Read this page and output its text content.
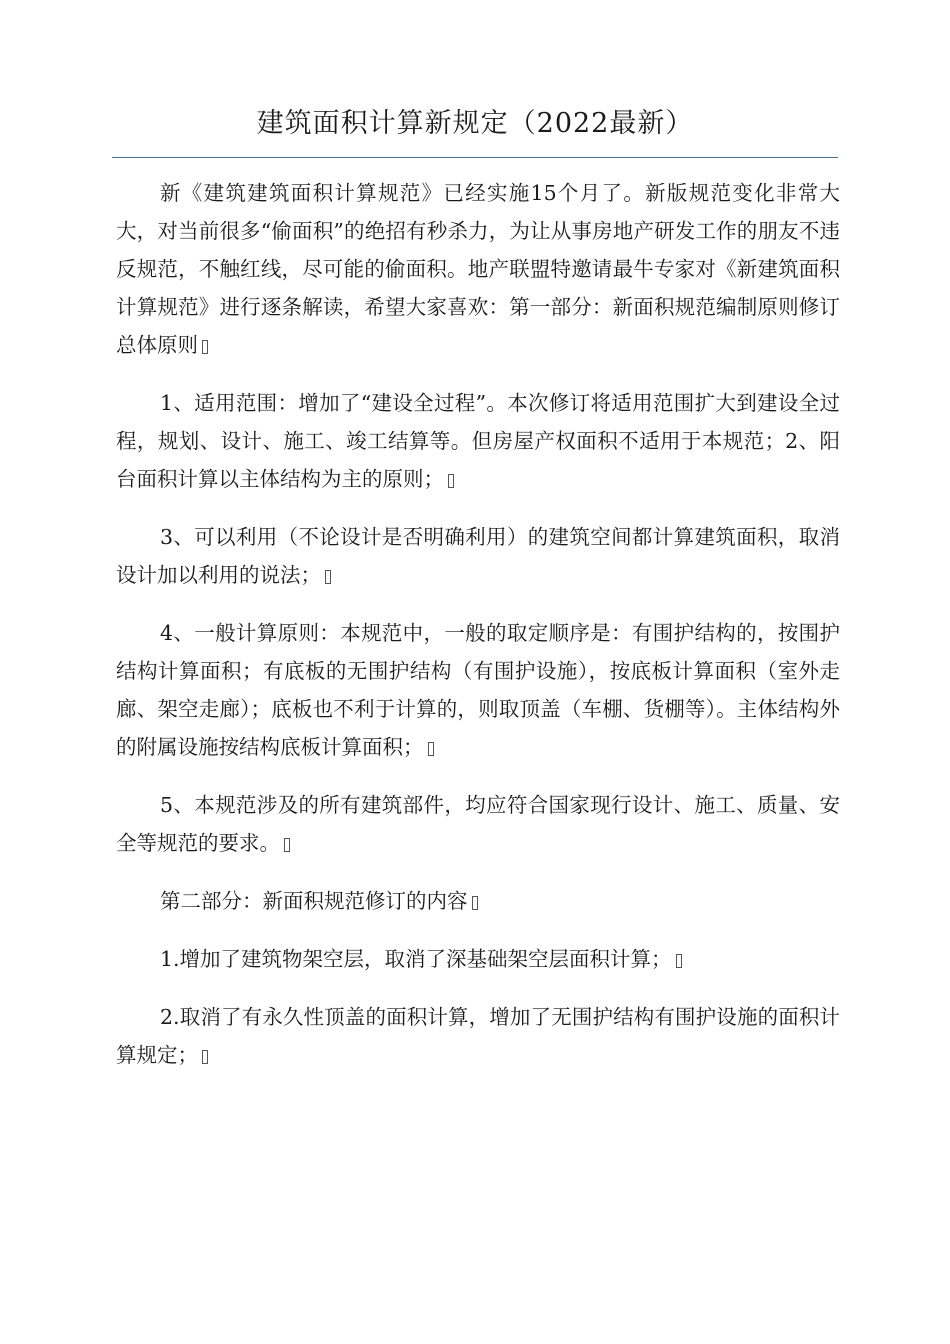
建筑面积计算新规定（2022最新）

新《建筑建筑面积计算规范》已经实施15个月了。新版规范变化非常大大，对当前很多“偷面积”的绝招有秒杀力，为让从事房地产研发工作的朋友不违反规范，不触红线，尽可能的偷面积。地产联盟特邀请最牛专家对《新建筑面积计算规范》进行逐条解读，希望大家喜欢：第一部分：新面积规范编制原则修订总体原则

1、适用范围：增加了“建设全过程”。本次修订将适用范围扩大到建设全过程，规划、设计、施工、竣工结算等。但房屋产权面积不适用于本规范；2、阳台面积计算以主体结构为主的原则；

3、可以利用（不论设计是否明确利用）的建筑空间都计算建筑面积，取消设计加以利用的说法；

4、一般计算原则：本规范中，一般的取定顺序是：有围护结构的，按围护结构计算面积；有底板的无围护结构（有围护设施），按底板计算面积（室外走廊、架空走廊）；底板也不利于计算的，则取顶盖（车棚、货棚等）。主体结构外的附属设施按结构底板计算面积；

5、本规范涉及的所有建筑部件，均应符合国家现行设计、施工、质量、安全等规范的要求。

第二部分：新面积规范修订的内容

1.增加了建筑物架空层，取消了深基础架空层面积计算；

2.取消了有永久性顶盖的面积计算，增加了无围护结构有围护设施的面积计算规定；
